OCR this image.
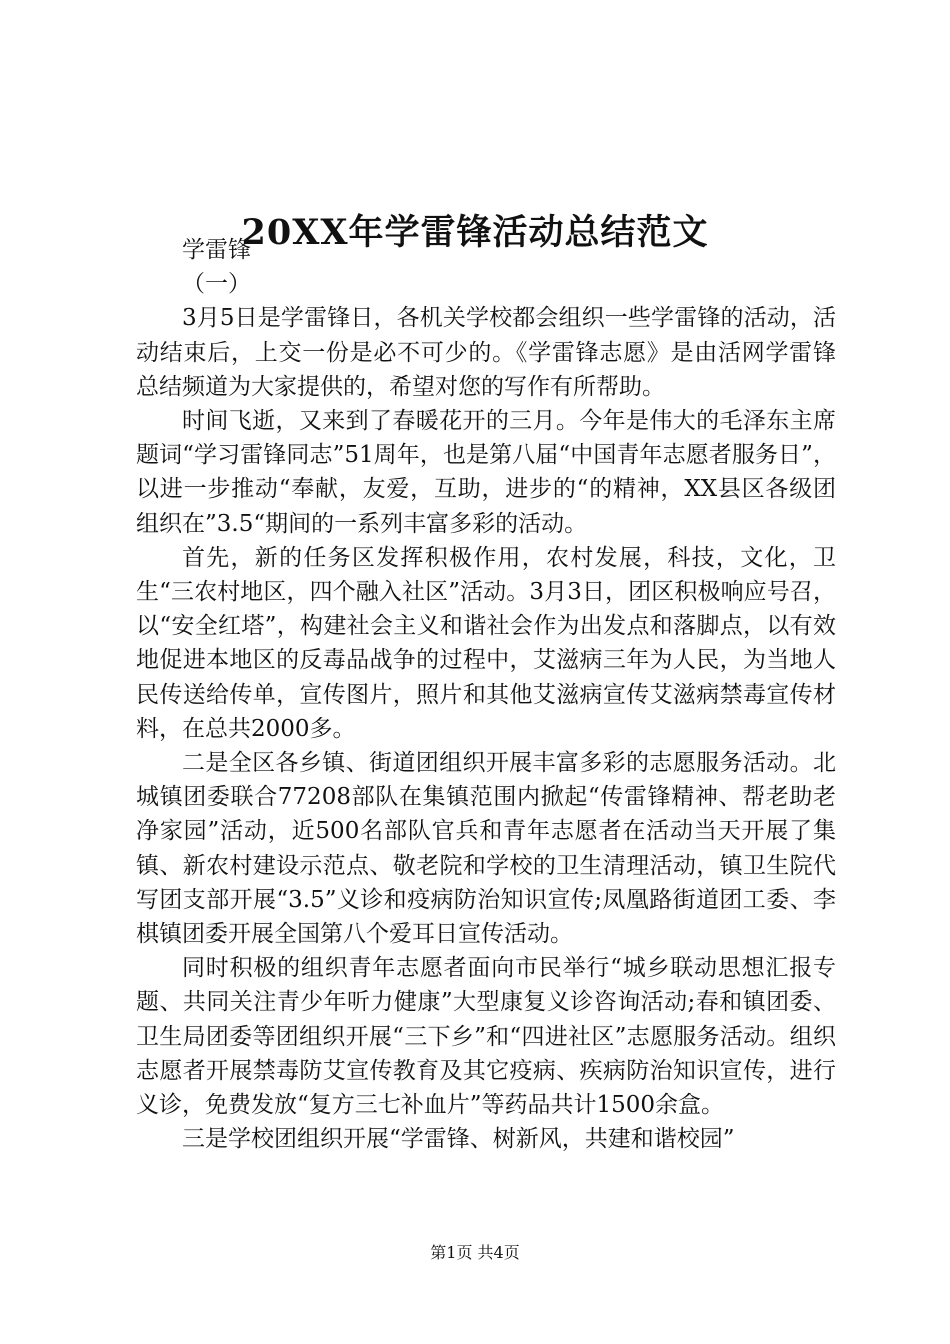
20XX年学雷锋活动总结范文

学雷锋

（一）

3月5日是学雷锋日，各机关学校都会组织一些学雷锋的活动，活动结束后，上交一份是必不可少的。《学雷锋志愿》是由活网学雷锋总结频道为大家提供的，希望对您的写作有所帮助。

时间飞逝，又来到了春暖花开的三月。今年是伟大的毛泽东主席题词“学习雷锋同志”51周年，也是第八届“中国青年志愿者服务日”，以进一步推动“奉献，友爱，互助，进步的“的精神，XX县区各级团组织在”3.5“期间的一系列丰富多彩的活动。

首先，新的任务区发挥积极作用，农村发展，科技，文化，卫生“三农村地区，四个融入社区”活动。3月3日，团区积极响应号召，以“安全红塔”，构建社会主义和谐社会作为出发点和落脚点，以有效地促进本地区的反毒品战争的过程中，艾滋病三年为人民，为当地人民传送给传单，宣传图片，照片和其他艾滋病宣传艾滋病禁毒宣传材料，在总共2000多。

二是全区各乡镇、街道团组织开展丰富多彩的志愿服务活动。北城镇团委联合77208部队在集镇范围内掀起“传雷锋精神、帮老助老净家园”活动，近500名部队官兵和青年志愿者在活动当天开展了集镇、新农村建设示范点、敬老院和学校的卫生清理活动，镇卫生院代写团支部开展“3.5”义诊和疫病防治知识宣传;凤凰路街道团工委、李棋镇团委开展全国第八个爱耳日宣传活动。

同时积极的组织青年志愿者面向市民举行“城乡联动思想汇报专题、共同关注青少年听力健康”大型康复义诊咨询活动;春和镇团委、卫生局团委等团组织开展“三下乡”和“四进社区”志愿服务活动。组织志愿者开展禁毒防艾宣传教育及其它疫病、疾病防治知识宣传，进行义诊，免费发放“复方三七补血片”等药品共计1500余盒。

三是学校团组织开展“学雷锋、树新风，共建和谐校园”

第1页 共4页
